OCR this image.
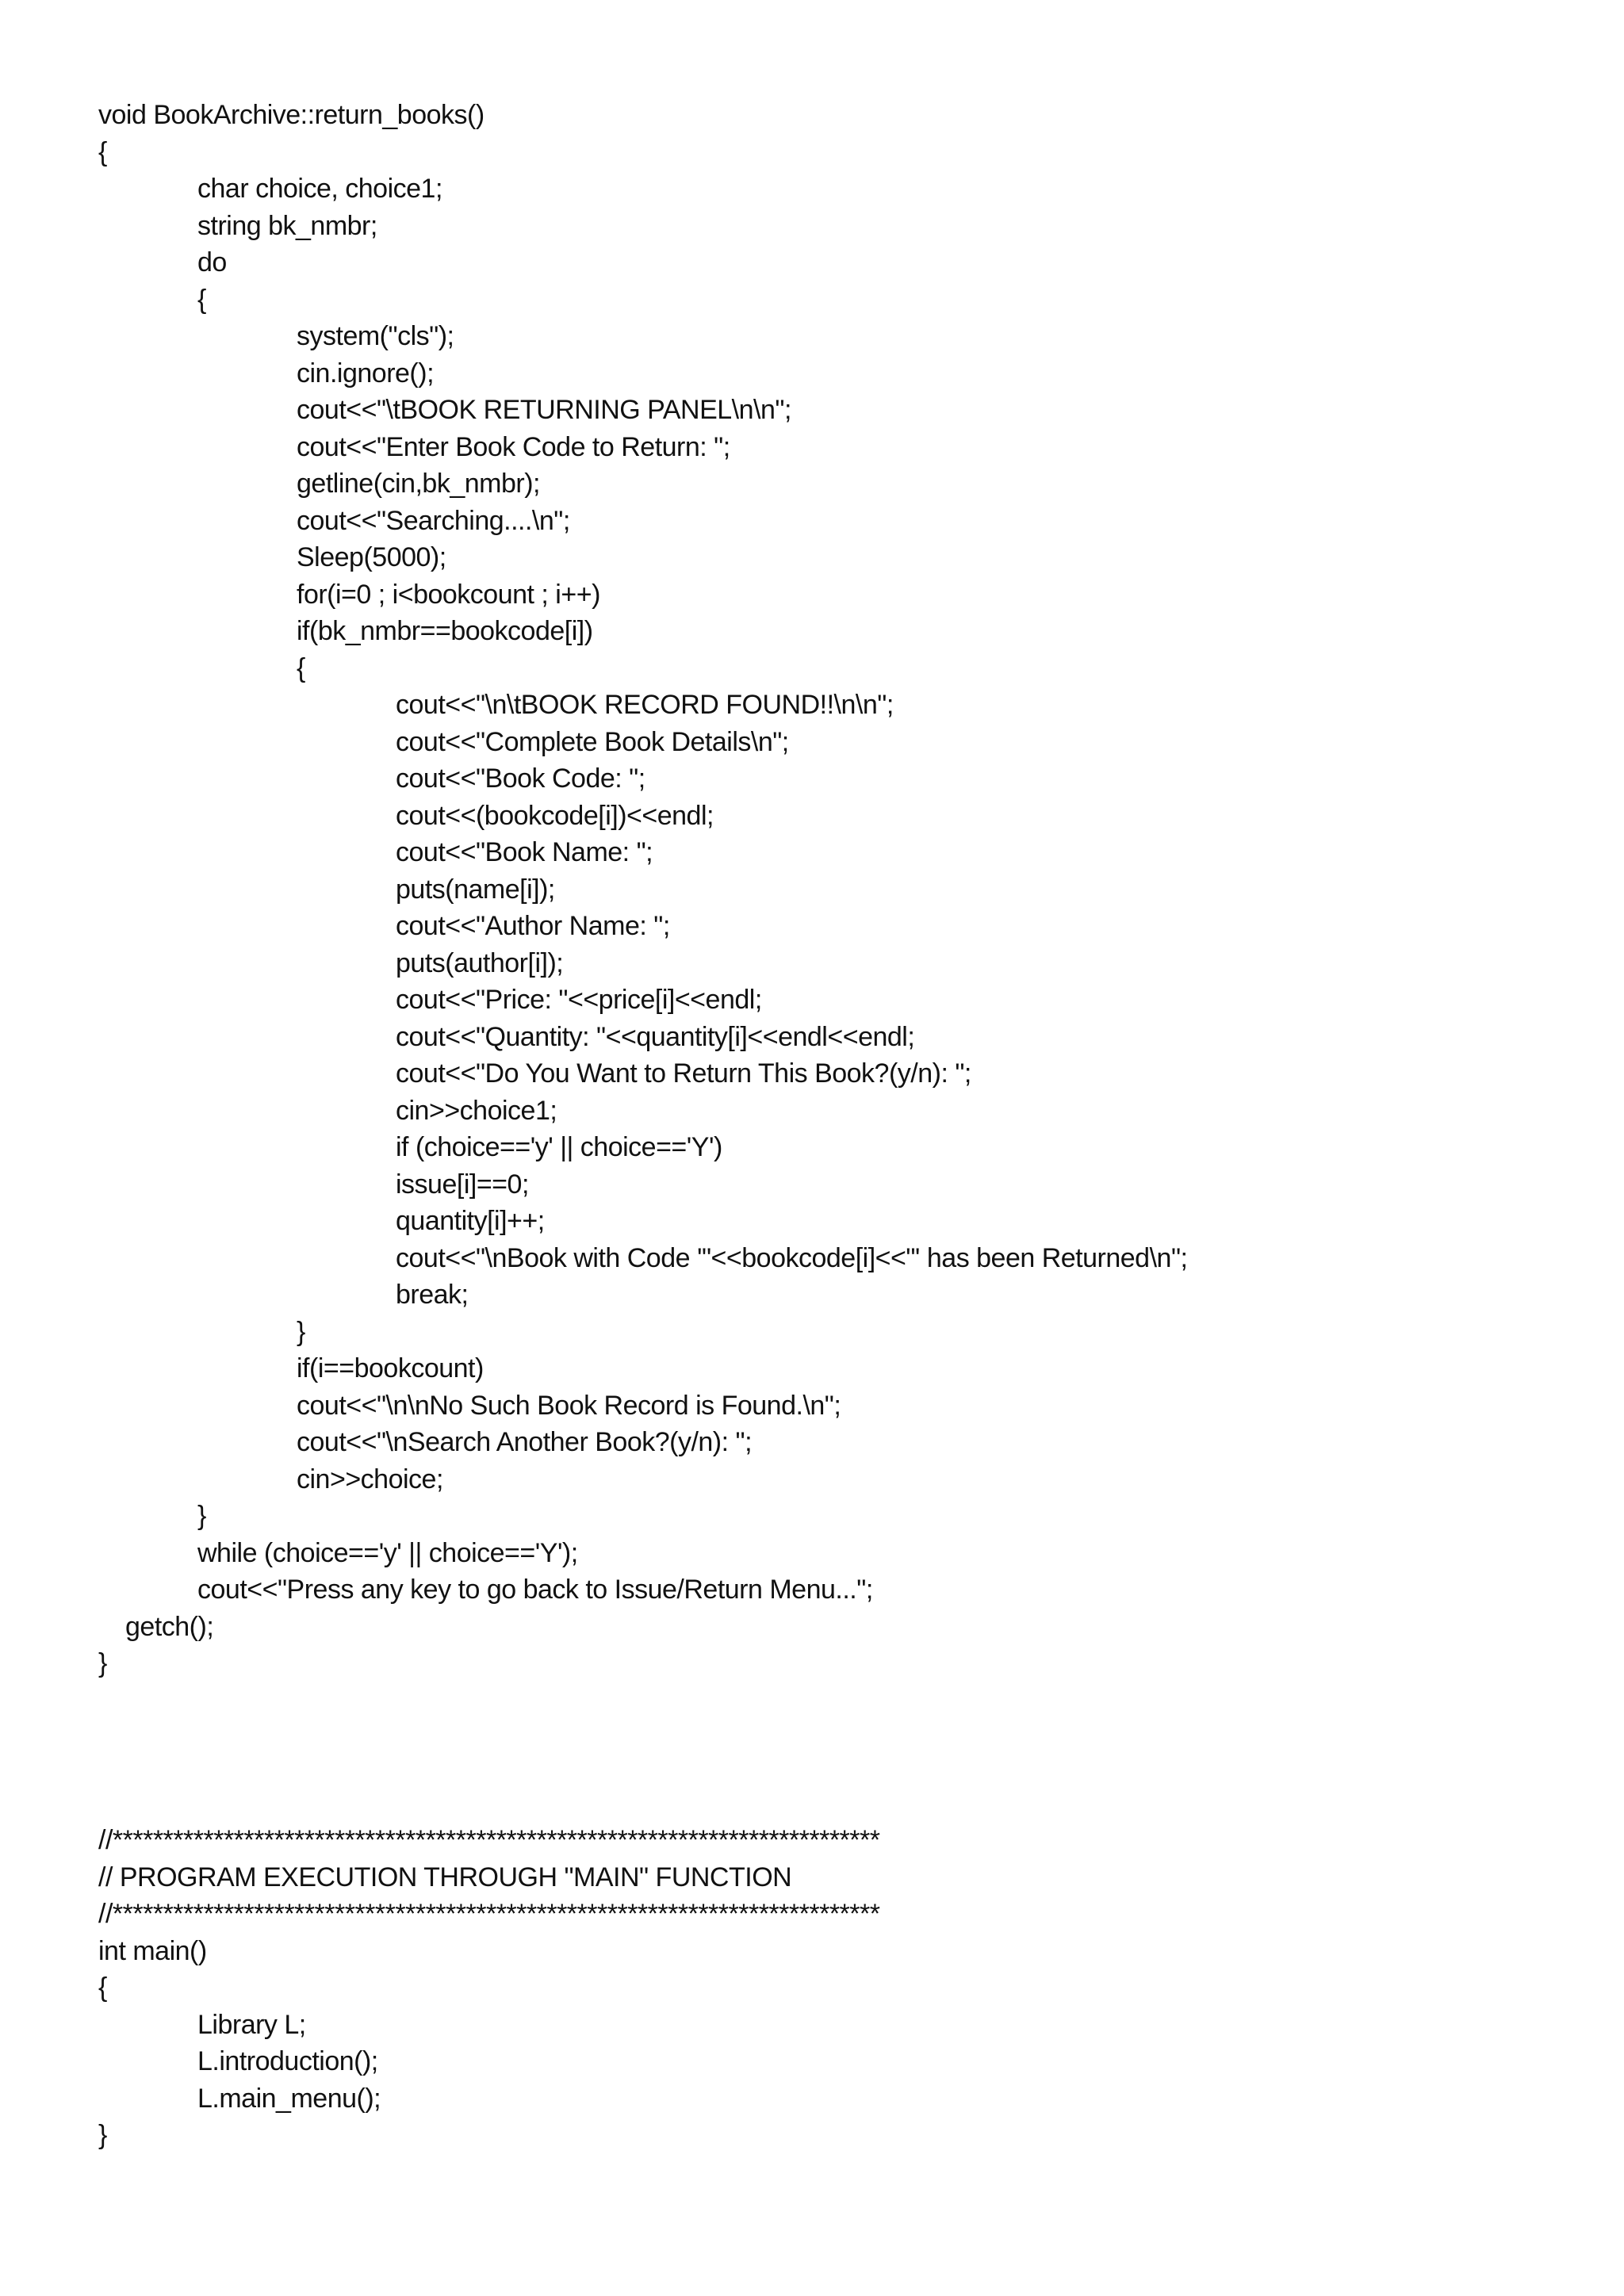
void BookArchive::return_books()
{
char choice, choice1;
string bk_nmbr;
do
{
system("cls");
cin.ignore();
cout<<"\tBOOK RETURNING PANEL\n\n";
cout<<"Enter Book Code to Return: ";
getline(cin,bk_nmbr);
cout<<"Searching....\n";
Sleep(5000);
for(i=0 ; i<bookcount ; i++)
if(bk_nmbr==bookcode[i])
{
cout<<"\n\tBOOK RECORD FOUND!!\n\n";
cout<<"Complete Book Details\n";
cout<<"Book Code: ";
cout<<(bookcode[i])<<endl;
cout<<"Book Name: ";
puts(name[i]);
cout<<"Author Name: ";
puts(author[i]);
cout<<"Price: "<<price[i]<<endl;
cout<<"Quantity: "<<quantity[i]<<endl<<endl;
cout<<"Do You Want to Return This Book?(y/n): ";
cin>>choice1;
if (choice=='y' || choice=='Y')
issue[i]==0;
quantity[i]++;
cout<<"\nBook with Code '"<<bookcode[i]<<"' has been Returned\n";
break;
}
if(i==bookcount)
cout<<"\n\nNo Such Book Record is Found.\n";
cout<<"\nSearch Another Book?(y/n): ";
cin>>choice;
}
while (choice=='y' || choice=='Y');
cout<<"Press any key to go back to Issue/Return Menu...";
getch();
}
//****************************************************************************
// PROGRAM EXECUTION THROUGH "MAIN" FUNCTION
//****************************************************************************
int main()
{
Library L;
L.introduction();
L.main_menu();
}
